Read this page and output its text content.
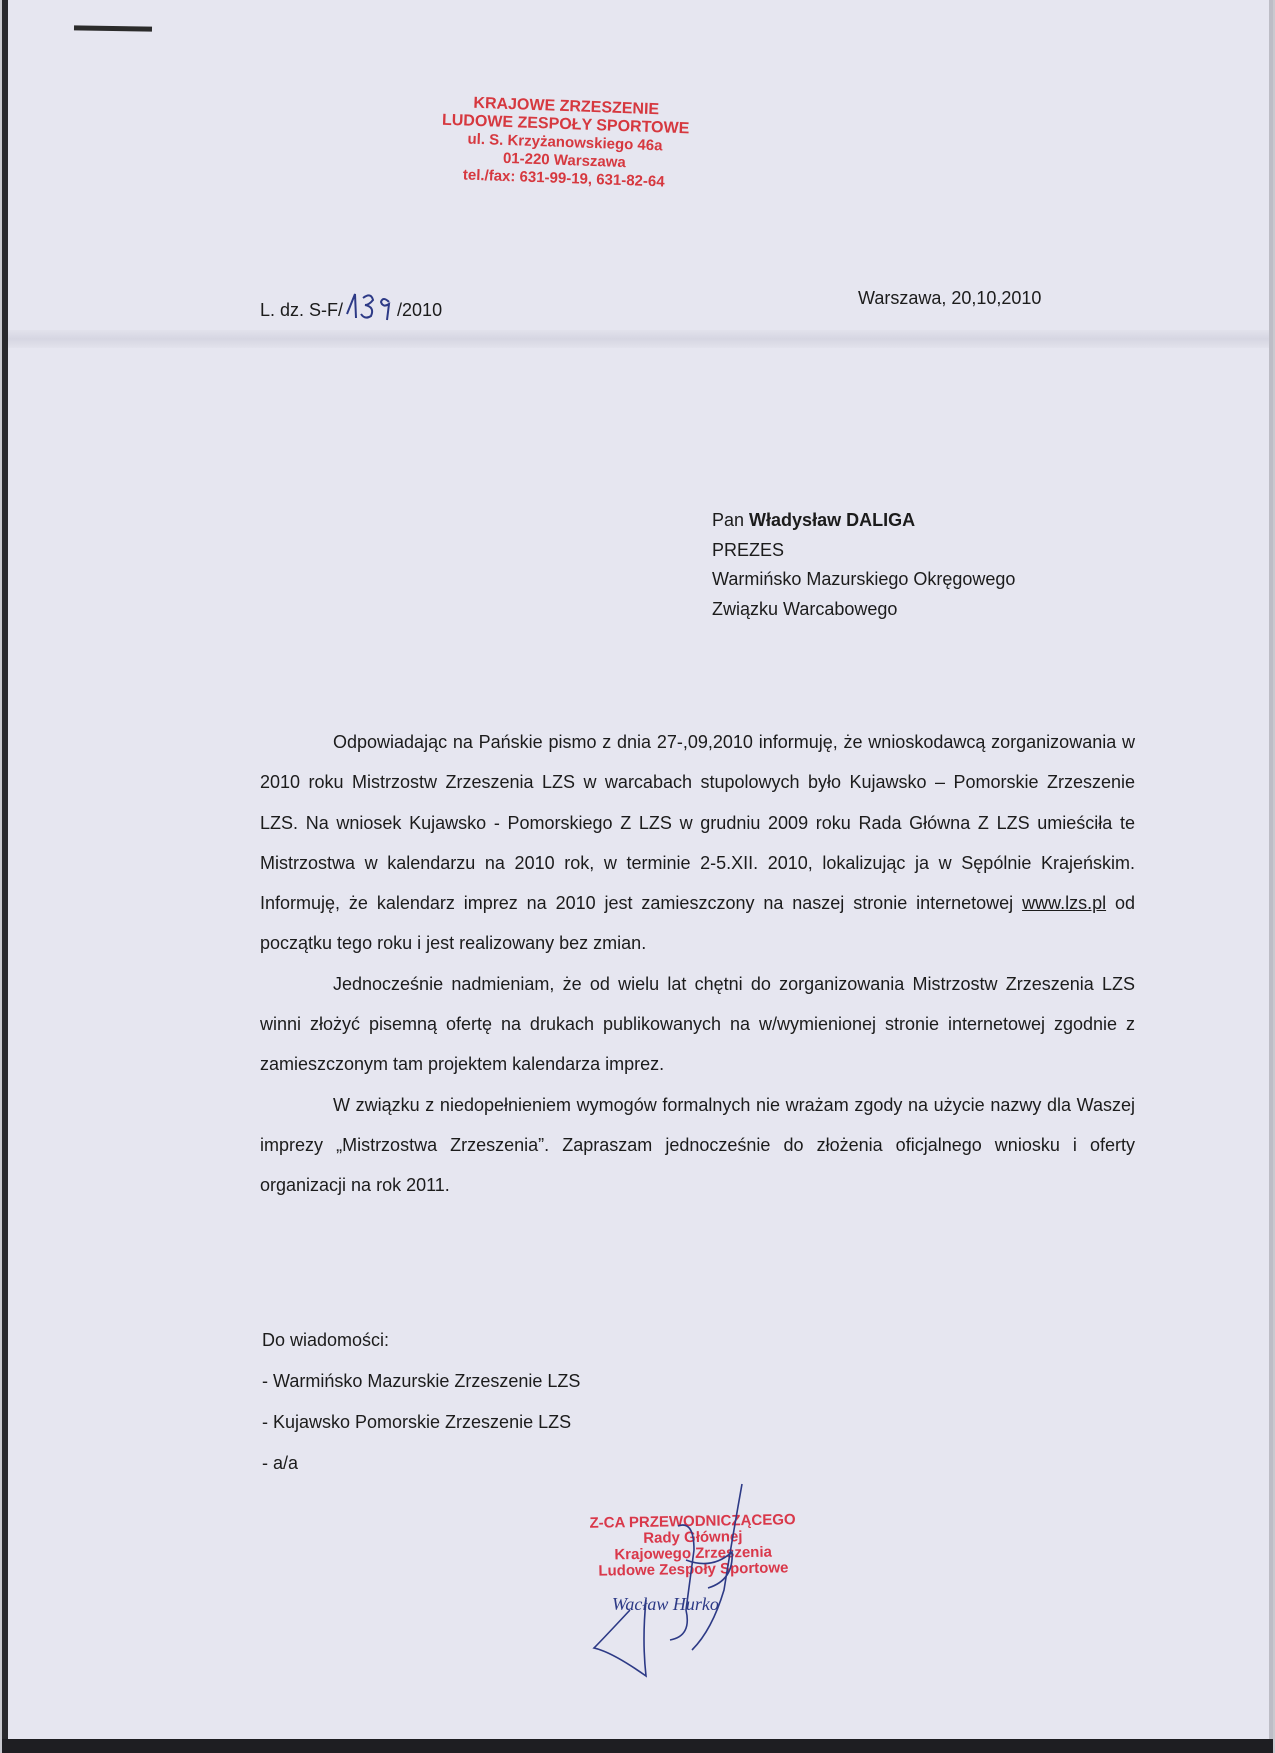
KRAJOWE ZRZESZENIE
LUDOWE ZESPOŁY SPORTOWE
ul. S. Krzyżanowskiego 46a
01-220 Warszawa
tel./fax: 631-99-19, 631-82-64
L. dz. S-F/	/2010
Warszawa, 20,10,2010
Pan Władysław DALIGA
PREZES
Warmińsko Mazurskiego Okręgowego
Związku Warcabowego

Odpowiadając na Pańskie pismo z dnia 27-,09,2010 informuję, że wnioskodawcą zorganizowania w 2010 roku Mistrzostw Zrzeszenia LZS w warcabach stupolowych było Kujawsko – Pomorskie Zrzeszenie LZS. Na wniosek Kujawsko - Pomorskiego Z LZS w grudniu 2009 roku Rada Główna Z LZS umieściła te Mistrzostwa w kalendarzu na 2010 rok, w terminie 2-5.XII. 2010, lokalizując ja w Sępólnie Krajeńskim. Informuję, że kalendarz imprez na 2010 jest zamieszczony na naszej stronie internetowej www.lzs.pl od początku tego roku i jest realizowany bez zmian.

Jednocześnie nadmieniam, że od wielu lat chętni do zorganizowania Mistrzostw Zrzeszenia LZS winni złożyć pisemną ofertę na drukach publikowanych na w/wymienionej stronie internetowej zgodnie z zamieszczonym tam projektem kalendarza imprez.

W związku z niedopełnieniem wymogów formalnych nie wrażam zgody na użycie nazwy dla Waszej imprezy „Mistrzostwa Zrzeszenia”. Zapraszam jednocześnie do złożenia oficjalnego wniosku i oferty organizacji na rok 2011.

Do wiadomości:
- Warmińsko Mazurskie Zrzeszenie LZS
- Kujawsko Pomorskie Zrzeszenie LZS
- a/a
Z-CA PRZEWODNICZĄCEGO
Rady Głównej
Krajowego Zrzeszenia
Ludowe Zespoły Sportowe
Wacław Hurko
